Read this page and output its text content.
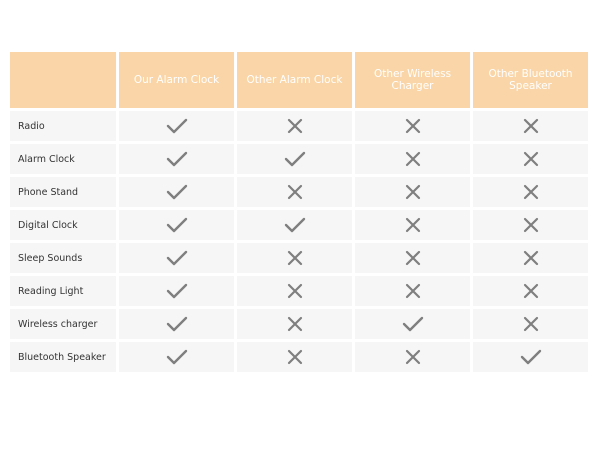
Our Alarm Clock	Other Alarm Clock	Other Wireless Charger
Other Bluetooth Speaker
Radio
Alarm Clock
Phone Stand
Digital Clock
Sleep Sounds
Reading Light
Wireless charger
Bluetooth Speaker
